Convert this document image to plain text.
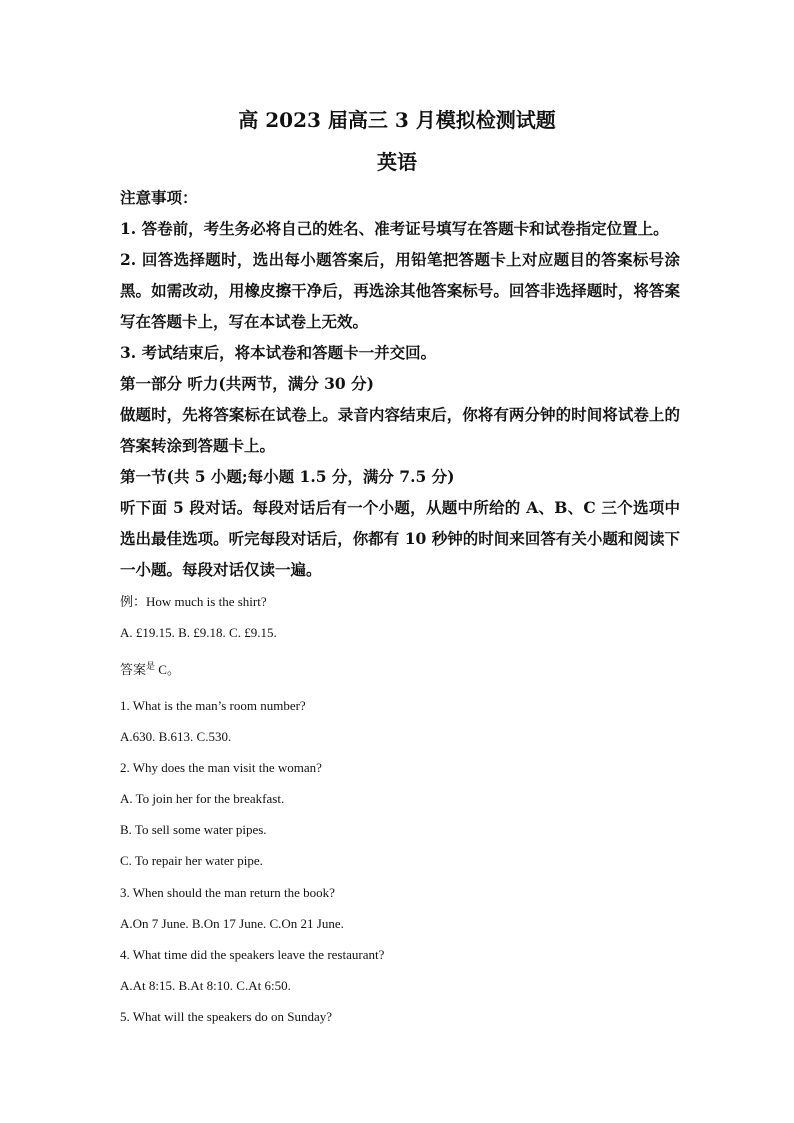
高 2023 届高三 3 月模拟检测试题
英语
注意事项：
1. 答卷前，考生务必将自己的姓名、准考证号填写在答题卡和试卷指定位置上。
2. 回答选择题时，选出每小题答案后，用铅笔把答题卡上对应题目的答案标号涂黑。如需改动，用橡皮擦干净后，再选涂其他答案标号。回答非选择题时，将答案写在答题卡上，写在本试卷上无效。
3. 考试结束后，将本试卷和答题卡一并交回。
第一部分 听力(共两节，满分 30 分)
做题时，先将答案标在试卷上。录音内容结束后，你将有两分钟的时间将试卷上的答案转涂到答题卡上。
第一节(共 5 小题;每小题 1.5 分，满分 7.5 分)
听下面 5 段对话。每段对话后有一个小题，从题中所给的 A、B、C 三个选项中选出最佳选项。听完每段对话后，你都有 10 秒钟的时间来回答有关小题和阅读下一小题。每段对话仅读一遍。
例：How much is the shirt?
A. £19.15. B. £9.18. C. £9.15.
答案$^是$ C。
1. What is the man’s room number?
A.630. B.613. C.530.
2. Why does the man visit the woman?
A. To join her for the breakfast.
B. To sell some water pipes.
C. To repair her water pipe.
3. When should the man return the book?
A.On 7 June. B.On 17 June. C.On 21 June.
4. What time did the speakers leave the restaurant?
A.At 8:15. B.At 8:10. C.At 6:50.
5. What will the speakers do on Sunday?
